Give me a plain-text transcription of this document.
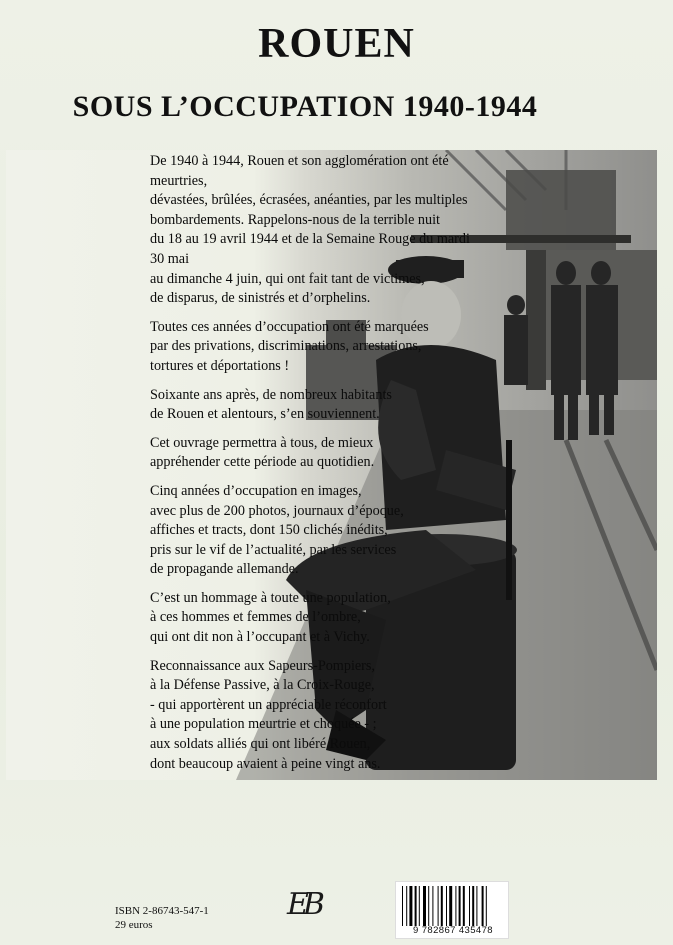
ROUEN
SOUS L’OCCUPATION 1940-1944

De 1940 à 1944, Rouen et son agglomération ont été meurtries,
dévastées, brûlées, écrasées, anéanties, par les multiples
bombardements. Rappelons-nous de la terrible nuit
du 18 au 19 avril 1944 et de la Semaine Rouge du mardi 30 mai
au dimanche 4 juin, qui ont fait tant de victimes,
de disparus, de sinistrés et d’orphelins.

Toutes ces années d’occupation ont été marquées
par des privations, discriminations, arrestations,
tortures et déportations !

Soixante ans après, de nombreux habitants
de Rouen et alentours, s’en souviennent.

Cet ouvrage permettra à tous, de mieux
appréhender cette période au quotidien.

Cinq années d’occupation en images,
avec plus de 200 photos, journaux d’époque,
affiches et tracts, dont 150 clichés inédits,
pris sur le vif de l’actualité, par les services
de propagande allemande.

C’est un hommage à toute une population,
à ces hommes et femmes de l’ombre,
qui ont dit non à l’occupant et à Vichy.

Reconnaissance aux Sapeurs-Pompiers,
à la Défense Passive, à la Croix-Rouge,
- qui apportèrent un appréciable réconfort
à une population meurtrie et choquée - ;
aux soldats alliés qui ont libéré Rouen,
dont beaucoup avaient à peine vingt ans.

ISBN 2-86743-547-1
29 euros
EB
9 782867 435478
